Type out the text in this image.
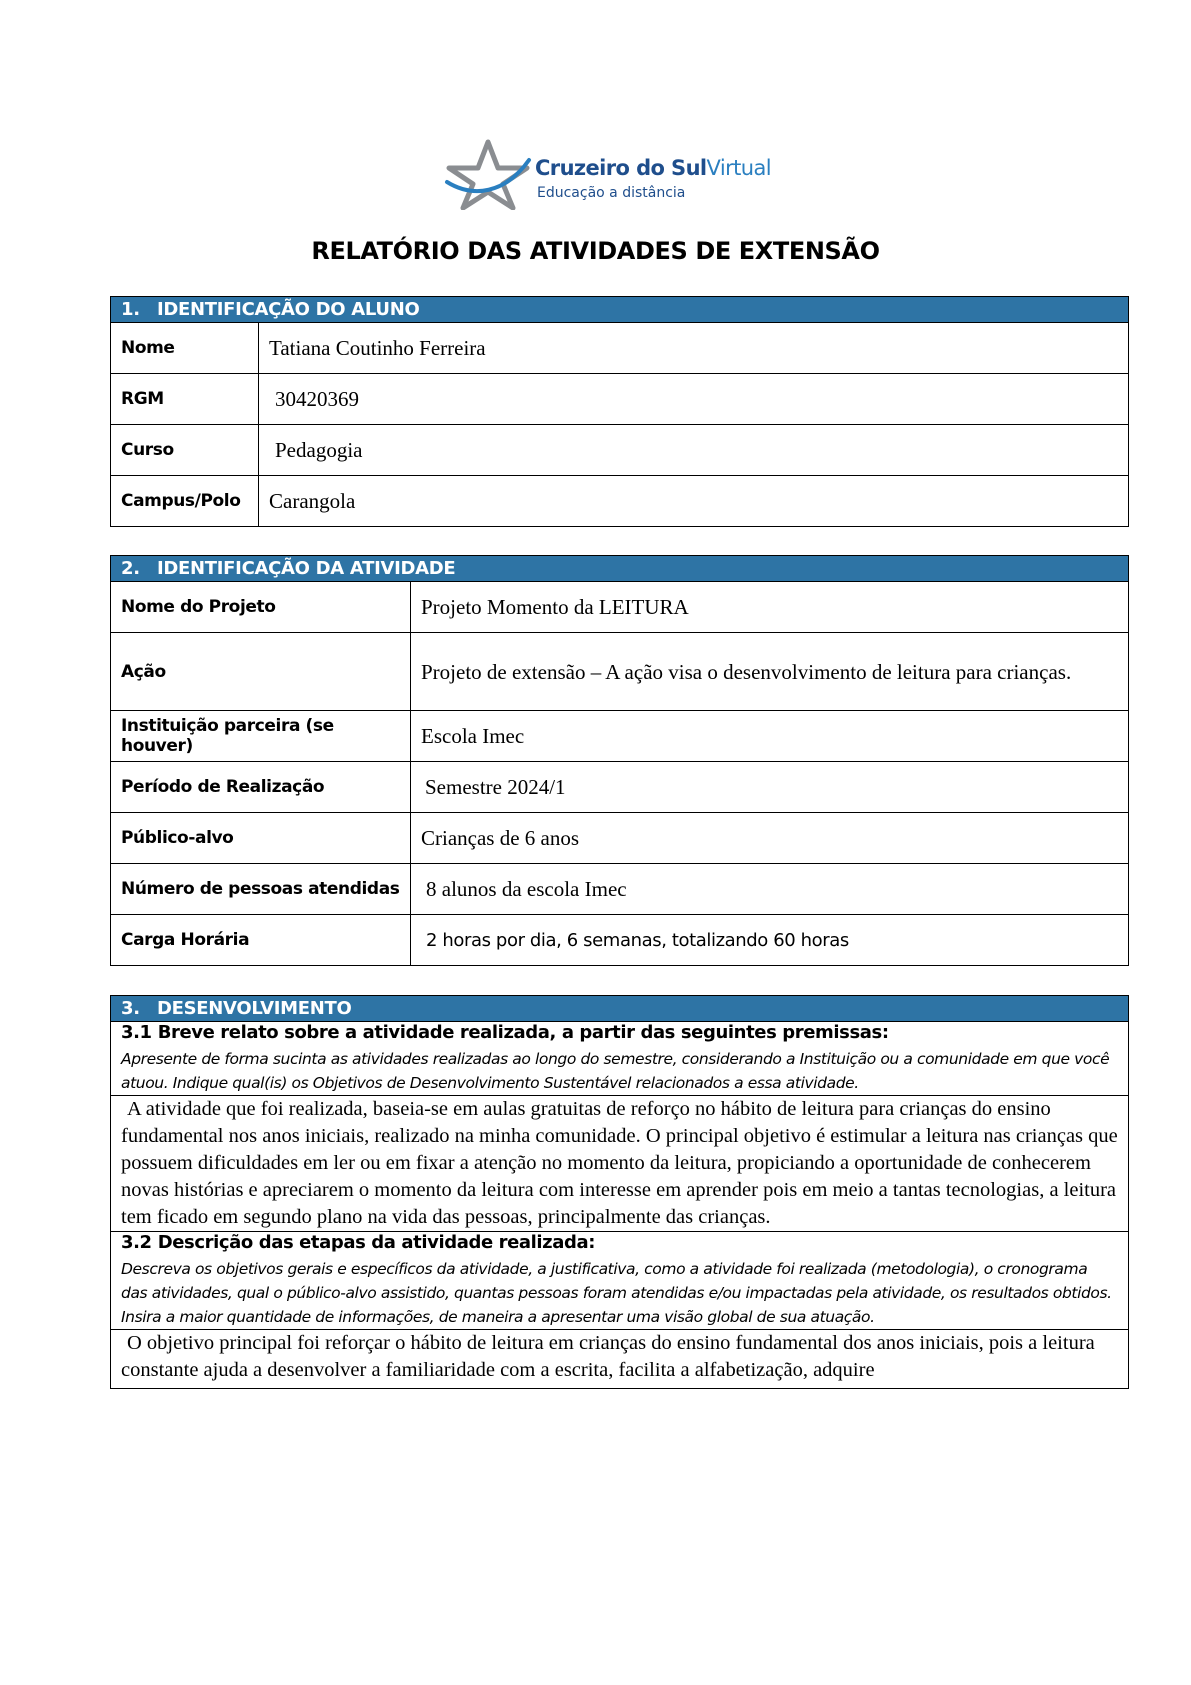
Cruzeiro do SulVirtual
Educação a distância
RELATÓRIO DAS ATIVIDADES DE EXTENSÃO
1. IDENTIFICAÇÃO DO ALUNO	
Nome	Tatiana Coutinho Ferreira
RGM	30420369
Curso	Pedagogia
Campus/Polo	Carangola
2. IDENTIFICAÇÃO DA ATIVIDADE	
Nome do Projeto	Projeto Momento da LEITURA
Ação	Projeto de extensão – A ação visa o desenvolvimento de leitura para crianças.
Instituição parceira (se houver)	Escola Imec
Período de Realização	Semestre 2024/1
Público-alvo	Crianças de 6 anos
Número de pessoas atendidas	8 alunos da escola Imec
Carga Horária	2 horas por dia, 6 semanas, totalizando 60 horas
3. DESENVOLVIMENTO

3.1 Breve relato sobre a atividade realizada, a partir das seguintes premissas:
Apresente de forma sucinta as atividades realizadas ao longo do semestre, considerando a Instituição ou a comunidade em que você atuou. Indique qual(is) os Objetivos de Desenvolvimento Sustentável relacionados a essa atividade.

A atividade que foi realizada, baseia-se em aulas gratuitas de reforço no hábito de leitura para crianças do ensino fundamental nos anos iniciais, realizado na minha comunidade. O principal objetivo é estimular a leitura nas crianças que possuem dificuldades em ler ou em fixar a atenção no momento da leitura, propiciando a oportunidade de conhecerem novas histórias e apreciarem o momento da leitura com interesse em aprender pois em meio a tantas tecnologias, a leitura tem ficado em segundo plano na vida das pessoas, principalmente das crianças.

3.2 Descrição das etapas da atividade realizada:
Descreva os objetivos gerais e específicos da atividade, a justificativa, como a atividade foi realizada (metodologia), o cronograma das atividades, qual o público-alvo assistido, quantas pessoas foram atendidas e/ou impactadas pela atividade, os resultados obtidos. Insira a maior quantidade de informações, de maneira a apresentar uma visão global de sua atuação.

O objetivo principal foi reforçar o hábito de leitura em crianças do ensino fundamental dos anos iniciais, pois a leitura constante ajuda a desenvolver a familiaridade com a escrita, facilita a alfabetização, adquire
